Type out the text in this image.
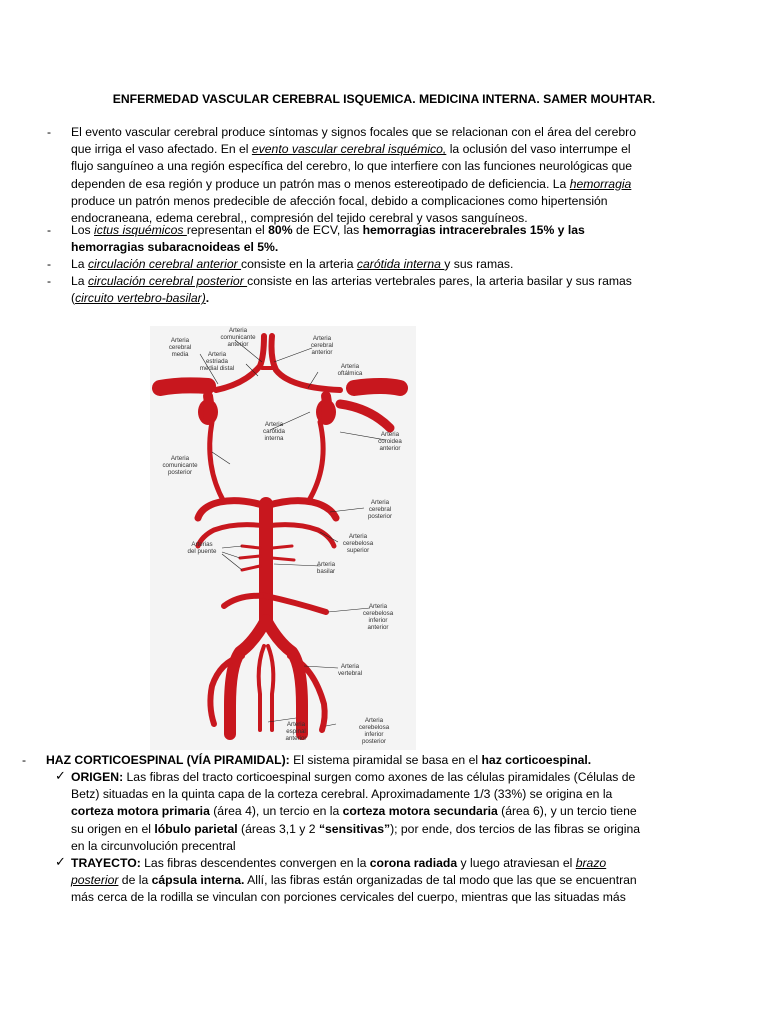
ENFERMEDAD VASCULAR CEREBRAL ISQUEMICA. MEDICINA INTERNA. SAMER MOUHTAR.
- El evento vascular cerebral produce síntomas y signos focales que se relacionan con el área del cerebro
que irriga el vaso afectado. En el evento vascular cerebral isquémico, la oclusión del vaso interrumpe el
flujo sanguíneo a una región específica del cerebro, lo que interfiere con las funciones neurológicas que
dependen de esa región y produce un patrón mas o menos estereotipado de deficiencia. La hemorragia
produce un patrón menos predecible de afección focal, debido a complicaciones como hipertensión
endocraneana, edema cerebral,, compresión del tejido cerebral y vasos sanguíneos.
- Los ictus isquémicos representan el 80% de ECV, las hemorragias intracerebrales 15% y las
hemorragias subaracnoideas el 5%.
- La circulación cerebral anterior consiste en la arteria carótida interna y sus ramas.
- La circulación cerebral posterior consiste en las arterias vertebrales pares, la arteria basilar y sus ramas
(circuito vertebro-basilar).
Arteria comunicante anterior
Arteria cerebral media	Arteria estriada medial distal
Arteria cerebral anterior
Arteria oftálmica
Arteria carótida interna
Arteria coroidea anterior
Arteria comunicante posterior
Arteria cerebral posterior
Arterias del puente
Arteria cerebelosa superior
Arteria basilar
Arteria cerebelosa inferior anterior
Arteria vertebral
Arteria espinal anterior
Arteria cerebelosa inferior posterior
- HAZ CORTICOESPINAL (VÍA PIRAMIDAL): El sistema piramidal se basa en el haz corticoespinal.
✓ ORIGEN: Las fibras del tracto corticoespinal surgen como axones de las células piramidales (Células de
Betz) situadas en la quinta capa de la corteza cerebral. Aproximadamente 1/3 (33%) se origina en la
corteza motora primaria (área 4), un tercio en la corteza motora secundaria (área 6), y un tercio tiene
su origen en el lóbulo parietal (áreas 3,1 y 2 “sensitivas”); por ende, dos tercios de las fibras se origina
en la circunvolución precentral
✓ TRAYECTO: Las fibras descendentes convergen en la corona radiada y luego atraviesan el brazo
posterior de la cápsula interna. Allí, las fibras están organizadas de tal modo que las que se encuentran
más cerca de la rodilla se vinculan con porciones cervicales del cuerpo, mientras que las situadas más
